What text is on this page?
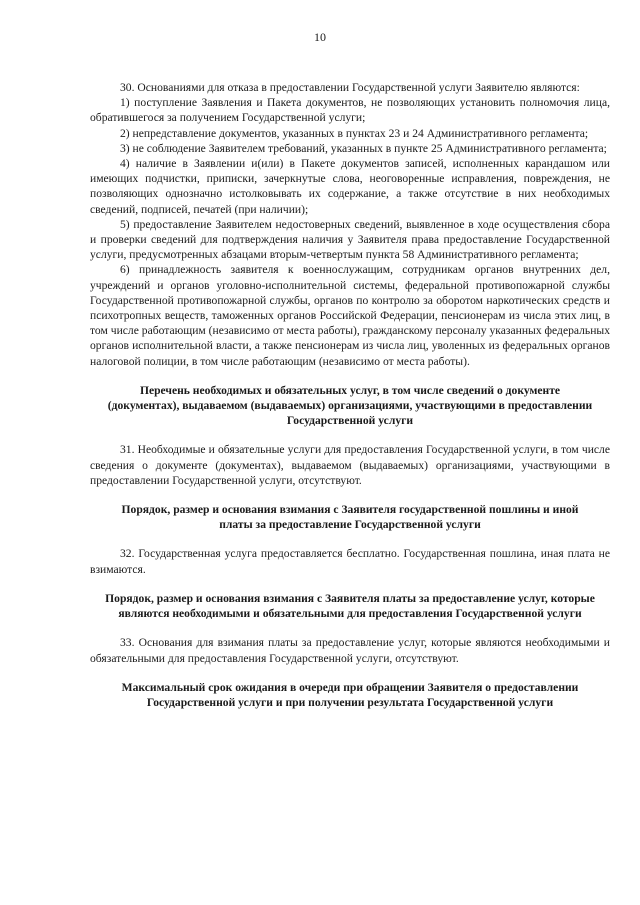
10

30. Основаниями для отказа в предоставлении Государственной услуги Заявителю являются:

1) поступление Заявления и Пакета документов, не позволяющих установить полномочия лица, обратившегося за получением Государственной услуги;

2) непредставление документов, указанных в пунктах 23 и 24 Административного регламента;

3) не соблюдение Заявителем требований, указанных в пункте 25 Административного регламента;

4) наличие в Заявлении и(или) в Пакете документов записей, исполненных карандашом или имеющих подчистки, приписки, зачеркнутые слова, неоговоренные исправления, повреждения, не позволяющих однозначно истолковывать их содержание, а также отсутствие в них необходимых сведений, подписей, печатей (при наличии);

5) предоставление Заявителем недостоверных сведений, выявленное в ходе осуществления сбора и проверки сведений для подтверждения наличия у Заявителя права предоставление Государственной услуги, предусмотренных абзацами вторым-четвертым пункта 58 Административного регламента;

6) принадлежность заявителя к военнослужащим, сотрудникам органов внутренних дел, учреждений и органов уголовно-исполнительной системы, федеральной противопожарной службы Государственной противопожарной службы, органов по контролю за оборотом наркотических средств и психотропных веществ, таможенных органов Российской Федерации, пенсионерам из числа этих лиц, в том числе работающим (независимо от места работы), гражданскому персоналу указанных федеральных органов исполнительной власти, а также пенсионерам из числа лиц, уволенных из федеральных органов налоговой полиции, в том числе работающим (независимо от места работы).

Перечень необходимых и обязательных услуг, в том числе сведений о документе (документах), выдаваемом (выдаваемых) организациями, участвующими в предоставлении Государственной услуги

31. Необходимые и обязательные услуги для предоставления Государственной услуги, в том числе сведения о документе (документах), выдаваемом (выдаваемых) организациями, участвующими в предоставлении Государственной услуги, отсутствуют.

Порядок, размер и основания взимания с Заявителя государственной пошлины и иной платы за предоставление Государственной услуги

32. Государственная услуга предоставляется бесплатно. Государственная пошлина, иная плата не взимаются.

Порядок, размер и основания взимания с Заявителя платы за предоставление услуг, которые являются необходимыми и обязательными для предоставления Государственной услуги

33. Основания для взимания платы за предоставление услуг, которые являются необходимыми и обязательными для предоставления Государственной услуги, отсутствуют.

Максимальный срок ожидания в очереди при обращении Заявителя о предоставлении Государственной услуги и при получении результата Государственной услуги
